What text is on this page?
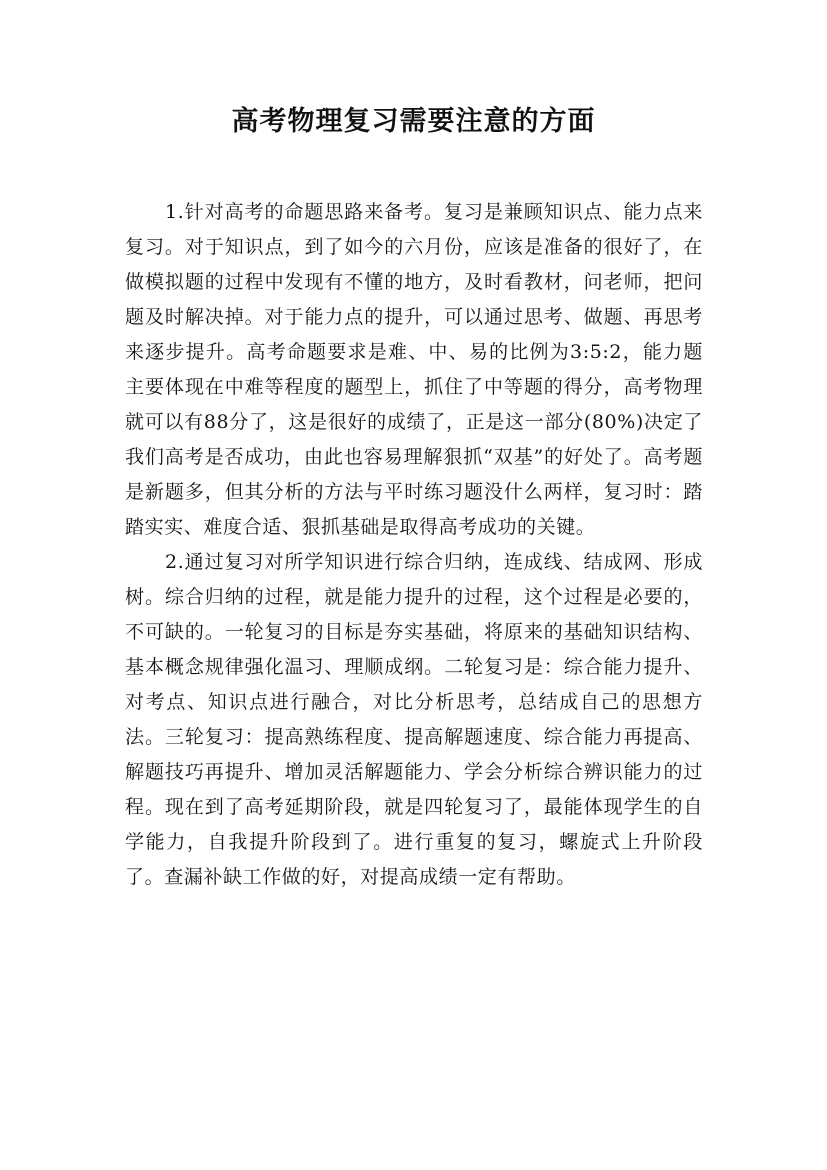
高考物理复习需要注意的方面

1.针对高考的命题思路来备考。复习是兼顾知识点、能力点来复习。对于知识点，到了如今的六月份，应该是准备的很好了，在做模拟题的过程中发现有不懂的地方，及时看教材，问老师，把问题及时解决掉。对于能力点的提升，可以通过思考、做题、再思考来逐步提升。高考命题要求是难、中、易的比例为3:5:2，能力题主要体现在中难等程度的题型上，抓住了中等题的得分，高考物理就可以有88分了，这是很好的成绩了，正是这一部分(80%)决定了我们高考是否成功，由此也容易理解狠抓“双基”的好处了。高考题是新题多，但其分析的方法与平时练习题没什么两样，复习时：踏踏实实、难度合适、狠抓基础是取得高考成功的关键。

2.通过复习对所学知识进行综合归纳，连成线、结成网、形成树。综合归纳的过程，就是能力提升的过程，这个过程是必要的，不可缺的。一轮复习的目标是夯实基础，将原来的基础知识结构、基本概念规律强化温习、理顺成纲。二轮复习是：综合能力提升、对考点、知识点进行融合，对比分析思考，总结成自己的思想方法。三轮复习：提高熟练程度、提高解题速度、综合能力再提高、解题技巧再提升、增加灵活解题能力、学会分析综合辨识能力的过程。现在到了高考延期阶段，就是四轮复习了，最能体现学生的自学能力，自我提升阶段到了。进行重复的复习，螺旋式上升阶段了。查漏补缺工作做的好，对提高成绩一定有帮助。
